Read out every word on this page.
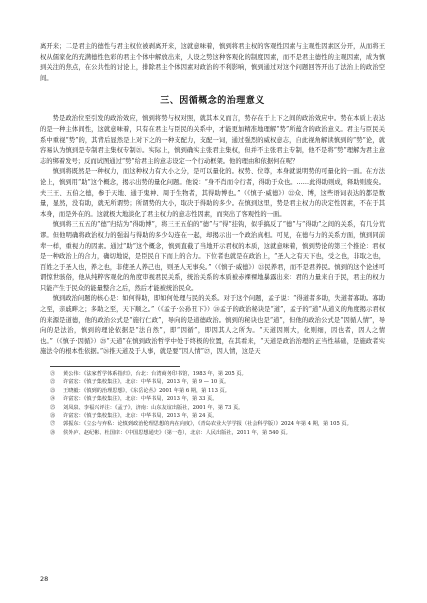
离开来；二是君主的德性与君主权位被剥离开来，这就意味着，慎到将君主权的客观性因素与主观性因素区分开，从而将王权从儒家化的充满德性色彩的君主个体中解放出来，人设之势这种客观化的制度因素，而不是君主德性的主观因素，成为慎到关注的焦点，在公共性的讨论上，排除君主个体因素对政治的不利影响，慎到通过对这个问题回答开出了法治上的政治空间。

三、因循概念的治理意义

势是政治位至引发的政治效应，慎到将势与权对照，就其本义而言，势存在于上下之间的政治效应中。势在本质上表达的是一种主体间性，这就意味着，只有在君主与臣民的关系中，才能更加精准地理解“势”所蕴含的政治意义。君主与臣民关系中重视“势”的，其背后显然是上对下之的一种支配力，支配一词，通过强烈的威权意志，自此视角解读慎到的“势”论，就容易认为慎到是专制君主集权专制㉑。实际上，慎到确实主张君主集权，但并不主张君主专制，他不是将“势”理解为君主意志的绑着发号；反而试图通过“势”给君主的意志设定一个行动框架。他的理由和依据何在呢？

慎到将既然是一种权力，而这种权力有大小之分，是可以量化的。权势、位尊，本身就说明势的可量化的一面。在方法论上，慎到用“助”这个概念，揭示出势的量化问题。他说：“身不肖而令行者，得助于众也。……此得助则成，释助则废矣。夫三王、五伯之德，参于天地、通于鬼神、周于生物者，其得助博也。”（《慎子·威德》）㉒众、博，这些语词表达的都是数量，显然，没有助，就无所谓势；所谓势的大小，取决于得助的多少。在慎到这里，势是君主权力的决定性因素，不在于其本身，而是外在的。这就极大地淡化了君主权力的意志性因素，而突出了客观性的一面。

慎到将三五五的“德”归结为“得助博”，将三王五伯的“德”与“得”挂钩，似乎搞反了“德”与“得助”之间的关系，有几分荒谬。但他明确将政治权力的强弱与得助的多少勾连在一起，却揭示出一个政治真相。可见，在德与力的关系方面，慎到同前辈一样，重视力的因素。通过“助”这个概念，慎到直截了当地开示君权的本质，这就意味着，慎到势论的第三个推论：君权是一种政治上的合力，确切地说，是臣民自下而上的合力。下位者也就是在政治上，“圣人之有天下也，受之也，非取之也，百姓之于圣人也，养之也，非使圣人养己也，则圣人无事矣。”（《慎子·威德》）㉓民养君，而不是君养民。慎到的这个论述可谓惊世骇俗，他从纯粹客观化的角度审视君民关系，统治关系的本质被赤裸裸地暴露出来：君的力量来自于民，君主的权力只能产生于民众的能量整合之后，然后才能被统治民众。

慎到政治问题的核心是：如何得助，即如何处理与民的关系。对于这个问题，孟子说：“得道者多助，失道者寡助。寡助之至，亲戚畔之；多助之至，天下顺之。”（《孟子·公孙丑下》）㉔孟子的政治秘诀是“道”，孟子的“道”从道义的角度揭示君权的来源是道德，他的政治公式是“施行仁政”，导向的是道德政治。慎到的秘诀也是“道”，但他的政治公式是“因循人情”，导向的是法治，慎到的理论依据是“法自然”，即“因循”，即因其人之所为。“天道因则大，化则细，因也者，因人之情也。”（《慎子·因循》）㉕“天道”在慎到政治哲学中处于终极的位置，在其看来，“天道是政治治理的正当性基础，是施政者实施法令的根本性依据。”㉖推天道及于人事，就是要“因人情”㉗，因人情，这是天

㉑	黄公伟：《法家哲学体系指归》，台北：台湾商务印书馆，1983 年，第 205 页。
㉒	许富宏：《慎子集校集注》，北京：中华书局，2013 年，第 9 — 10 页。
㉓	王晓毅：《慎到的治理思想》，《东岳论丛》2001 年第 6 期，第 113 页。
㉔	许富宏：《慎子集校集注》，北京：中华书局，2013 年，第 33 页。
㉕	刘凤泉、李福兴评注：《孟子》，济南：山东友谊出版社，2001 年，第 73 页。
㉖	许富宏：《慎子集校集注》，北京：中华书局，2013 年，第 24 页。
㉗	郭振东：《立公与弃私：论慎到政治伦理思想的内在向度》，《青岛农业大学学报（社会科学版）》2024 年第 4 期，第 105 页。
㉘	侯外庐、赵纪彬、杜国庠：《中国思想通史》（第一卷），北京：人民出版社，2011 年，第 540 页。
28
